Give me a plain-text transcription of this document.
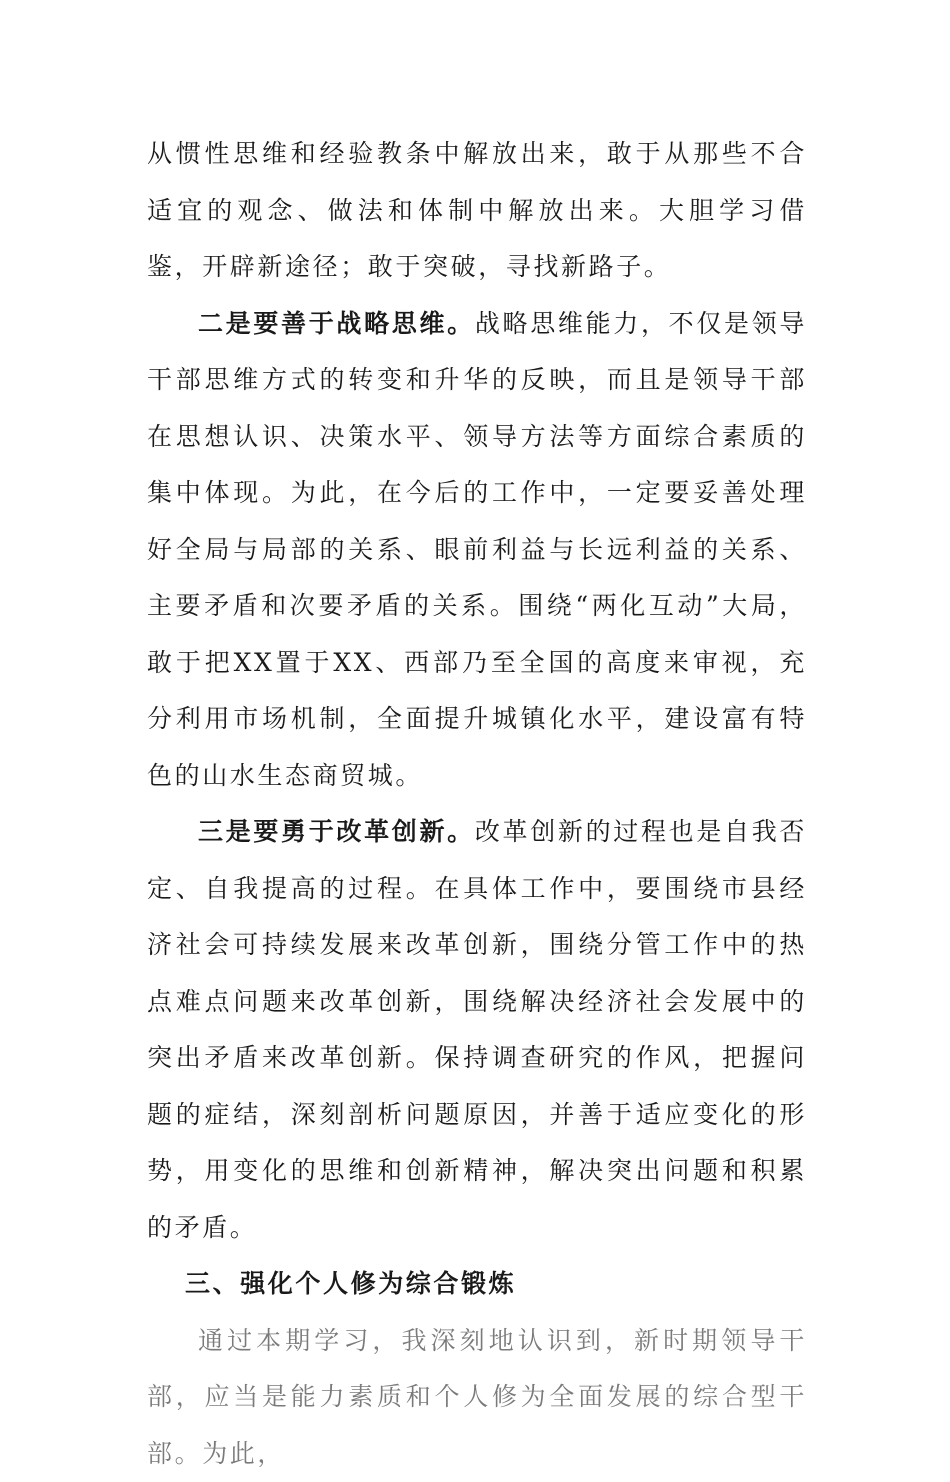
从惯性思维和经验教条中解放出来，敢于从那些不合适宜的观念、做法和体制中解放出来。大胆学习借鉴，开辟新途径；敢于突破，寻找新路子。

二是要善于战略思维。战略思维能力，不仅是领导干部思维方式的转变和升华的反映，而且是领导干部在思想认识、决策水平、领导方法等方面综合素质的集中体现。为此，在今后的工作中，一定要妥善处理好全局与局部的关系、眼前利益与长远利益的关系、主要矛盾和次要矛盾的关系。围绕“两化互动”大局，敢于把XX置于XX、西部乃至全国的高度来审视，充分利用市场机制，全面提升城镇化水平，建设富有特色的山水生态商贸城。

三是要勇于改革创新。改革创新的过程也是自我否定、自我提高的过程。在具体工作中，要围绕市县经济社会可持续发展来改革创新，围绕分管工作中的热点难点问题来改革创新，围绕解决经济社会发展中的突出矛盾来改革创新。保持调查研究的作风，把握问题的症结，深刻剖析问题原因，并善于适应变化的形势，用变化的思维和创新精神，解决突出问题和积累的矛盾。

三、强化个人修为综合锻炼

通过本期学习，我深刻地认识到，新时期领导干部，应当是能力素质和个人修为全面发展的综合型干部。为此，
